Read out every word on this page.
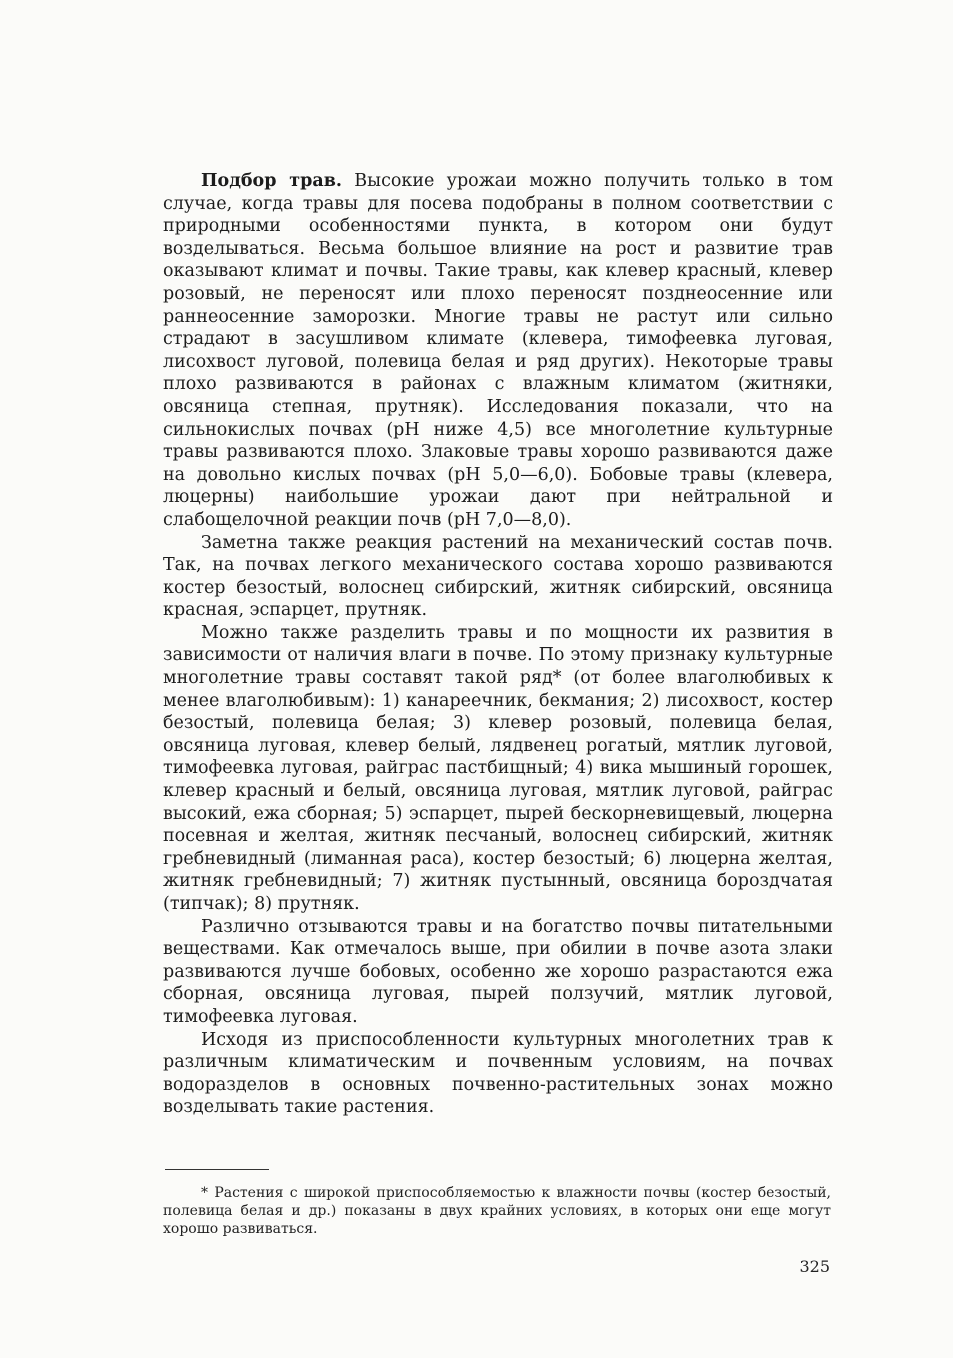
Подбор трав. Высокие урожаи можно получить только в том случае, когда травы для посева подобраны в полном соответствии с природными особенностями пункта, в котором они будут возделываться. Весьма большое влияние на рост и развитие трав оказывают климат и почвы. Такие травы, как клевер красный, клевер розовый, не переносят или плохо переносят позднеосенние или раннеосенние заморозки. Многие травы не растут или сильно страдают в засушливом климате (клевера, тимофеевка луговая, лисохвост луговой, полевица белая и ряд других). Некоторые травы плохо развиваются в районах с влажным климатом (житняки, овсяница степная, прутняк). Исследования показали, что на сильнокислых почвах (pH ниже 4,5) все многолетние культурные травы развиваются плохо. Злаковые травы хорошо развиваются даже на довольно кислых почвах (pH 5,0—6,0). Бобовые травы (клевера, люцерны) наибольшие урожаи дают при нейтральной и слабощелочной реакции почв (pH 7,0—8,0).

Заметна также реакция растений на механический состав почв. Так, на почвах легкого механического состава хорошо развиваются костер безостый, волоснец сибирский, житняк сибирский, овсяница красная, эспарцет, прутняк.

Можно также разделить травы и по мощности их развития в зависимости от наличия влаги в почве. По этому признаку культурные многолетние травы составят такой ряд* (от более влаголюбивых к менее влаголюбивым): 1) канареечник, бекмания; 2) лисохвост, костер безостый, полевица белая; 3) клевер розовый, полевица белая, овсяница луговая, клевер белый, лядвенец рогатый, мятлик луговой, тимофеевка луговая, райграс пастбищный; 4) вика мышиный горошек, клевер красный и белый, овсяница луговая, мятлик луговой, райграс высокий, ежа сборная; 5) эспарцет, пырей бескорневищевый, люцерна посевная и желтая, житняк песчаный, волоснец сибирский, житняк гребневидный (лиманная раса), костер безостый; 6) люцерна желтая, житняк гребневидный; 7) житняк пустынный, овсяница бороздчатая (типчак); 8) прутняк.

Различно отзываются травы и на богатство почвы питательными веществами. Как отмечалось выше, при обилии в почве азота злаки развиваются лучше бобовых, особенно же хорошо разрастаются ежа сборная, овсяница луговая, пырей ползучий, мятлик луговой, тимофеевка луговая.

Исходя из приспособленности культурных многолетних трав к различным климатическим и почвенным условиям, на почвах водоразделов в основных почвенно-растительных зонах можно возделывать такие растения.

* Растения с широкой приспособляемостью к влажности почвы (костер безостый, полевица белая и др.) показаны в двух крайних условиях, в которых они еще могут хорошо развиваться.

325
